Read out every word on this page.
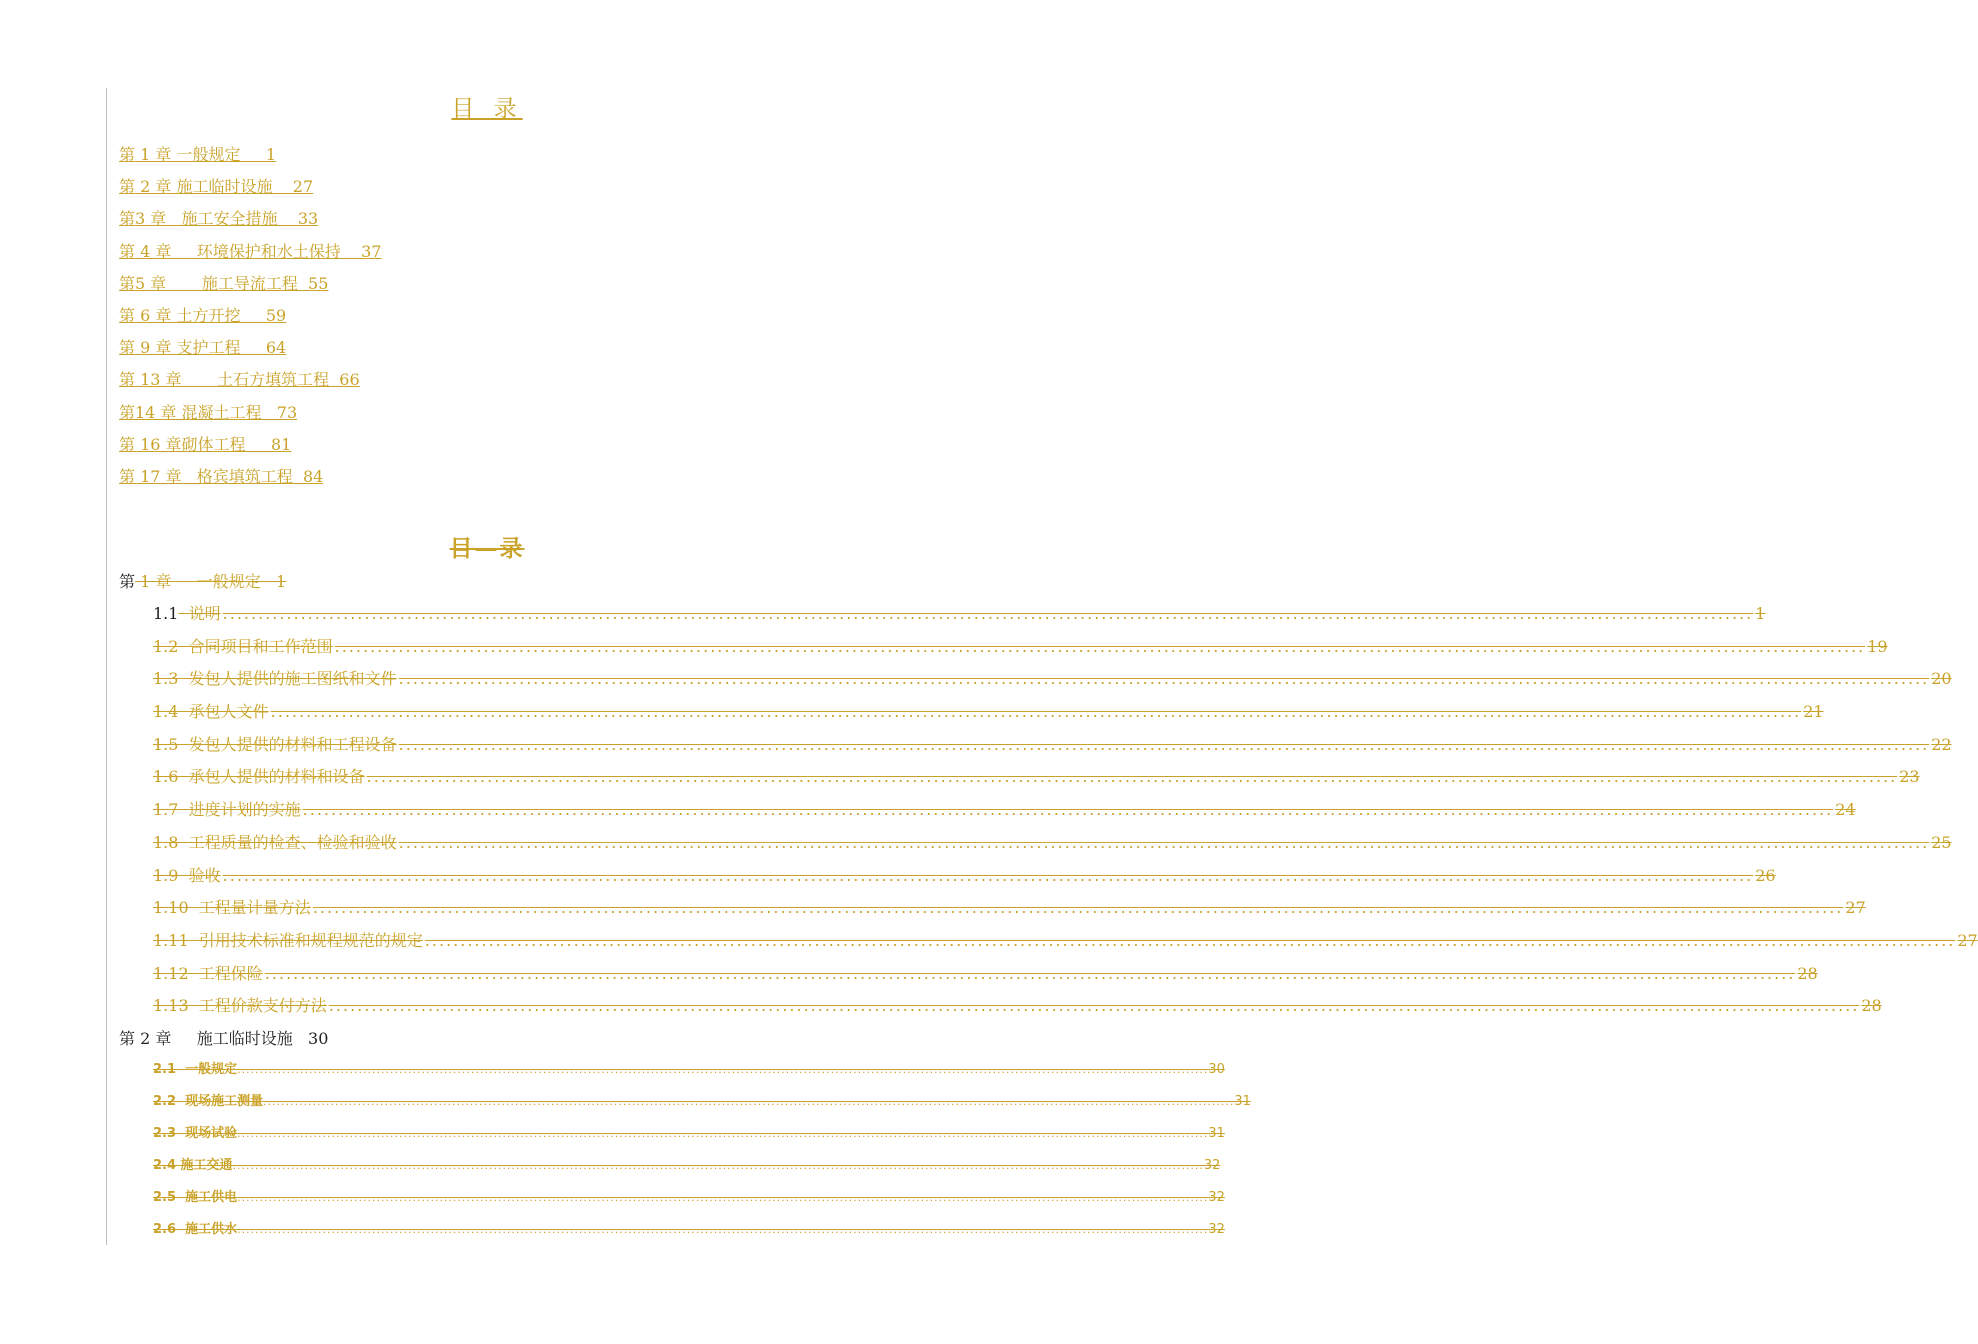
目 录
第 1 章 一般规定     1
第 2 章 施工临时设施    27
第3 章   施工安全措施    33
第 4 章     环境保护和水土保持    37
第5 章       施工导流工程  55
第 6 章 土方开挖     59
第 9 章 支护工程     64
第 13 章       土石方填筑工程  66
第14 章 混凝土工程   73
第 16 章砌体工程     81
第 17 章   格宾填筑工程  84
目—录
第 1 章     一般规定   1
1.1
说明 ........................................................................................................................................................................................................................ 1
1.2
合同项目和工作范围 ........................................................................................................................................................................................................................ 19
1.3
发包人提供的施工图纸和文件 ........................................................................................................................................................................................................................ 20
1.4
承包人文件 ........................................................................................................................................................................................................................ 21
1.5
发包人提供的材料和工程设备 ........................................................................................................................................................................................................................ 22
1.6
承包人提供的材料和设备 ........................................................................................................................................................................................................................ 23
1.7
进度计划的实施 ........................................................................................................................................................................................................................ 24
1.8
工程质量的检查、检验和验收 ........................................................................................................................................................................................................................ 25
1.9
验收 ........................................................................................................................................................................................................................ 26
1.10
工程量计量方法 ........................................................................................................................................................................................................................ 27
1.11
引用技术标准和规程规范的规定 ........................................................................................................................................................................................................................ 27
1.12
工程保险 ........................................................................................................................................................................................................................ 28
1.13
工程价款支付方法 ........................................................................................................................................................................................................................ 28
第 2 章     施工临时设施   30
2.1  一般规定 ........................................................................................................................................................................................................................ 30
2.2  现场施工测量 ........................................................................................................................................................................................................................ 31
2.3  现场试验 ........................................................................................................................................................................................................................ 31
2.4 施工交通 ........................................................................................................................................................................................................................ 32
2.5  施工供电 ........................................................................................................................................................................................................................ 32
2.6  施工供水 ........................................................................................................................................................................................................................ 32
